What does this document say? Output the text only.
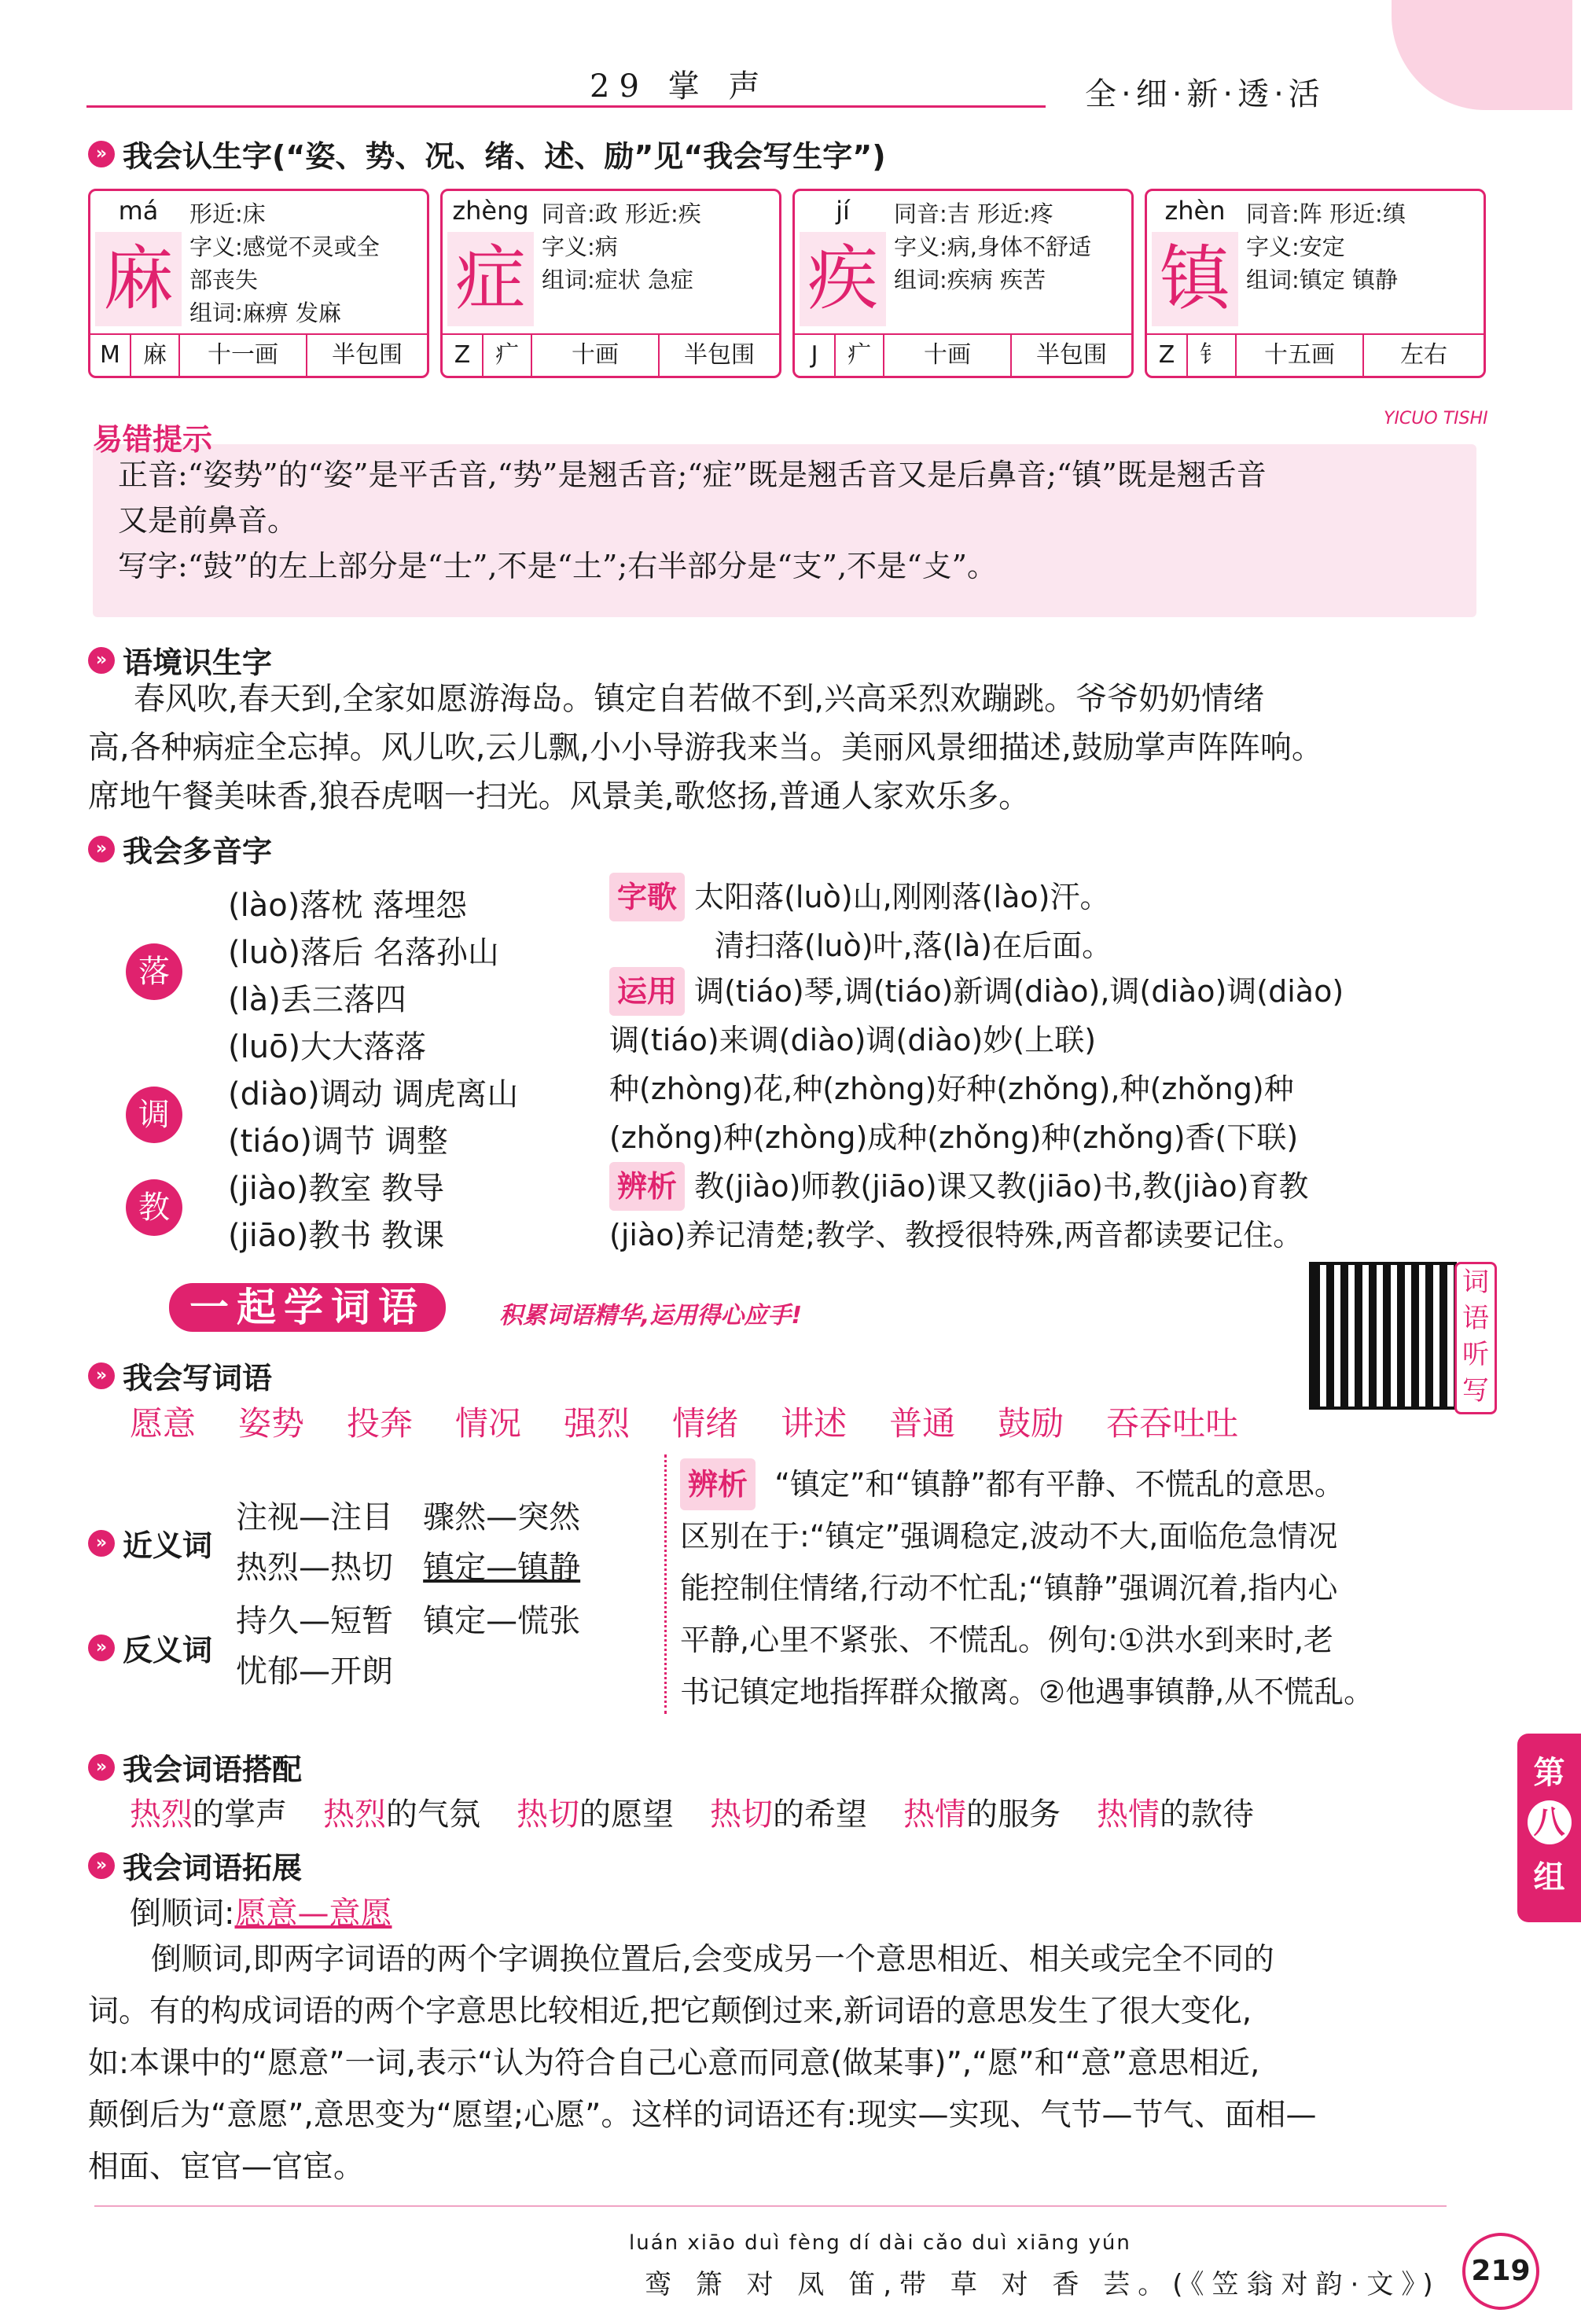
29 掌 声	全·细·新·透·活
» 我会认生字(“姿、势、况、绪、述、励”见“我会写生字”)
má
麻
形近:床
字义:感觉不灵或全
部丧失
组词:麻痹 发麻
M 麻	十一画	半包围
zhèng
症
同音:政 形近:疾
字义:病
组词:症状 急症
Z	疒	十画	半包围
jí
疾
同音:吉 形近:疼
字义:病,身体不舒适
组词:疾病 疾苦
J	疒	十画	半包围
zhèn
镇
同音:阵 形近:缜
字义:安定
组词:镇定 镇静
Z	钅	十五画	左右
易错提示
YICUO TISHI
正音:“姿势”的“姿”是平舌音,“势”是翘舌音;“症”既是翘舌音又是后鼻音;“镇”既是翘舌音
又是前鼻音。
写字:“鼓”的左上部分是“士”,不是“土”;右半部分是“支”,不是“攴”。
» 语境识生字
春风吹,春天到,全家如愿游海岛。镇定自若做不到,兴高采烈欢蹦跳。爷爷奶奶情绪
高,各种病症全忘掉。风儿吹,云儿飘,小小导游我来当。美丽风景细描述,鼓励掌声阵阵响。
席地午餐美味香,狼吞虎咽一扫光。风景美,歌悠扬,普通人家欢乐多。
» 我会多音字
落
(lào)落枕 落埋怨
(luò)落后 名落孙山
(là)丢三落四
(luō)大大落落
调
(diào)调动 调虎离山
(tiáo)调节 调整
教
(jiào)教室 教导
(jiāo)教书 教课
字歌 太阳落(luò)山,刚刚落(lào)汗。
清扫落(luò)叶,落(là)在后面。
运用 调(tiáo)琴,调(tiáo)新调(diào),调(diào)调(diào)
调(tiáo)来调(diào)调(diào)妙(上联)
种(zhòng)花,种(zhòng)好种(zhǒng),种(zhǒng)种
(zhǒng)种(zhòng)成种(zhǒng)种(zhǒng)香(下联)
辨析 教(jiào)师教(jiāo)课又教(jiāo)书,教(jiào)育教
(jiào)养记清楚;教学、教授很特殊,两音都读要记住。
一起学词语	积累词语精华,运用得心应手!
词语听写
» 我会写词语
愿意 姿势 投奔 情况 强烈 情绪 讲述 普通 鼓励 吞吞吐吐
» 近义词
注视—注目 骤然—突然
热烈—热切 镇定—镇静
» 反义词
持久—短暂 镇定—慌张
忧郁—开朗
辨析 “镇定”和“镇静”都有平静、不慌乱的意思。
区别在于:“镇定”强调稳定,波动不大,面临危急情况
能控制住情绪,行动不忙乱;“镇静”强调沉着,指内心
平静,心里不紧张、不慌乱。例句:①洪水到来时,老
书记镇定地指挥群众撤离。②他遇事镇静,从不慌乱。
» 我会词语搭配
热烈的掌声 热烈的气氛 热切的愿望 热切的希望 热情的服务 热情的款待
» 我会词语拓展
倒顺词:愿意—意愿
倒顺词,即两字词语的两个字调换位置后,会变成另一个意思相近、相关或完全不同的
词。有的构成词语的两个字意思比较相近,把它颠倒过来,新词语的意思发生了很大变化,
如:本课中的“愿意”一词,表示“认为符合自己心意而同意(做某事)”,“愿”和“意”意思相近,
颠倒后为“意愿”,意思变为“愿望;心愿”。这样的词语还有:现实—实现、气节—节气、面相—
相面、宦官—官宦。
第
八
组
luán xiāo duì fèng dí dài cǎo duì xiāng yún
鸾 箫 对 凤 笛,带 草 对 香 芸。(《笠翁对韵·文》)	219
